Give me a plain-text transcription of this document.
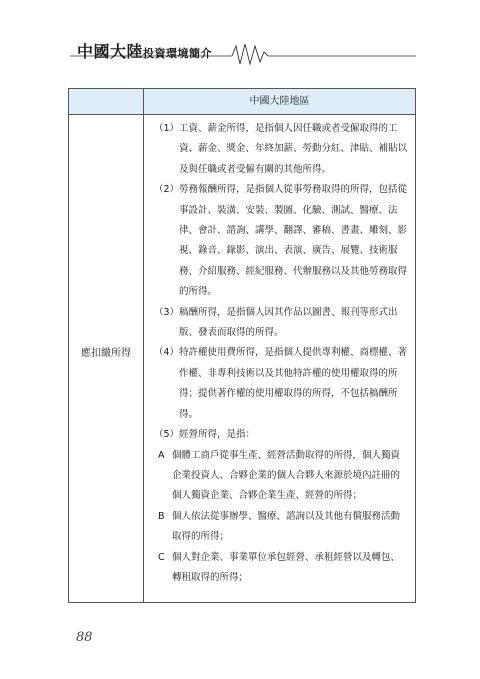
中國大陸投資環境簡介
中國大陸地區
應扣繳所得
（1） 工資、薪金所得，是指個人因任職或者受僱取得的工資、薪金、獎金、年終加薪、勞動分紅、津貼、補貼以及與任職或者受僱有關的其他所得。
（2） 勞務報酬所得，是指個人從事勞務取得的所得，包括從事設計、裝潢、安裝、製圖、化驗、測試、醫療、法律、會計、諮詢、講學、翻譯、審稿、書畫、雕刻、影視、錄音、錄影、演出、表演、廣告、展覽、技術服務、介紹服務、經紀服務、代辦服務以及其他勞務取得的所得。
（3） 稿酬所得，是指個人因其作品以圖書、報刊等形式出版、發表而取得的所得。
（4） 特許權使用費所得，是指個人提供專利權、商標權、著作權、非專利技術以及其他特許權的使用權取得的所得；提供著作權的使用權取得的所得，不包括稿酬所得。
（5） 經營所得，是指：
A 個體工商戶從事生產、經營活動取得的所得，個人獨資企業投資人、合夥企業的個人合夥人來源於境內註冊的個人獨資企業、合夥企業生產、經營的所得；
B 個人依法從事辦學、醫療、諮詢以及其他有償服務活動取得的所得；
C 個人對企業、事業單位承包經營、承租經營以及轉包、轉租取得的所得；
88
